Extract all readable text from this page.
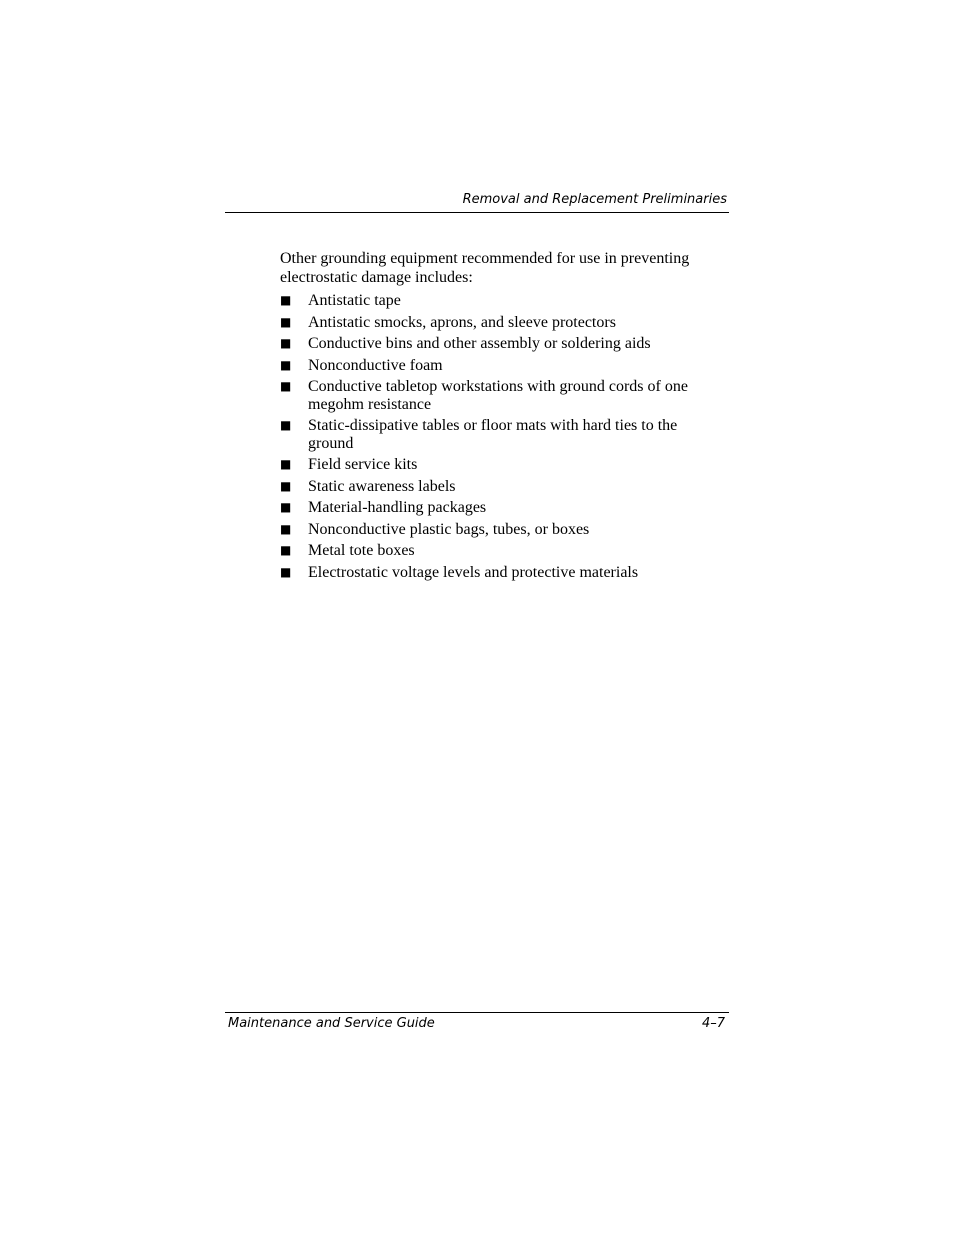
Removal and Replacement Preliminaries

Other grounding equipment recommended for use in preventing electrostatic damage includes:

■	Antistatic tape
■	Antistatic smocks, aprons, and sleeve protectors
■	Conductive bins and other assembly or soldering aids
■	Nonconductive foam
■	Conductive tabletop workstations with ground cords of one megohm resistance
■	Static-dissipative tables or floor mats with hard ties to the ground
■	Field service kits
■	Static awareness labels
■	Material-handling packages
■	Nonconductive plastic bags, tubes, or boxes
■	Metal tote boxes
■	Electrostatic voltage levels and protective materials
Maintenance and Service Guide	4–7
